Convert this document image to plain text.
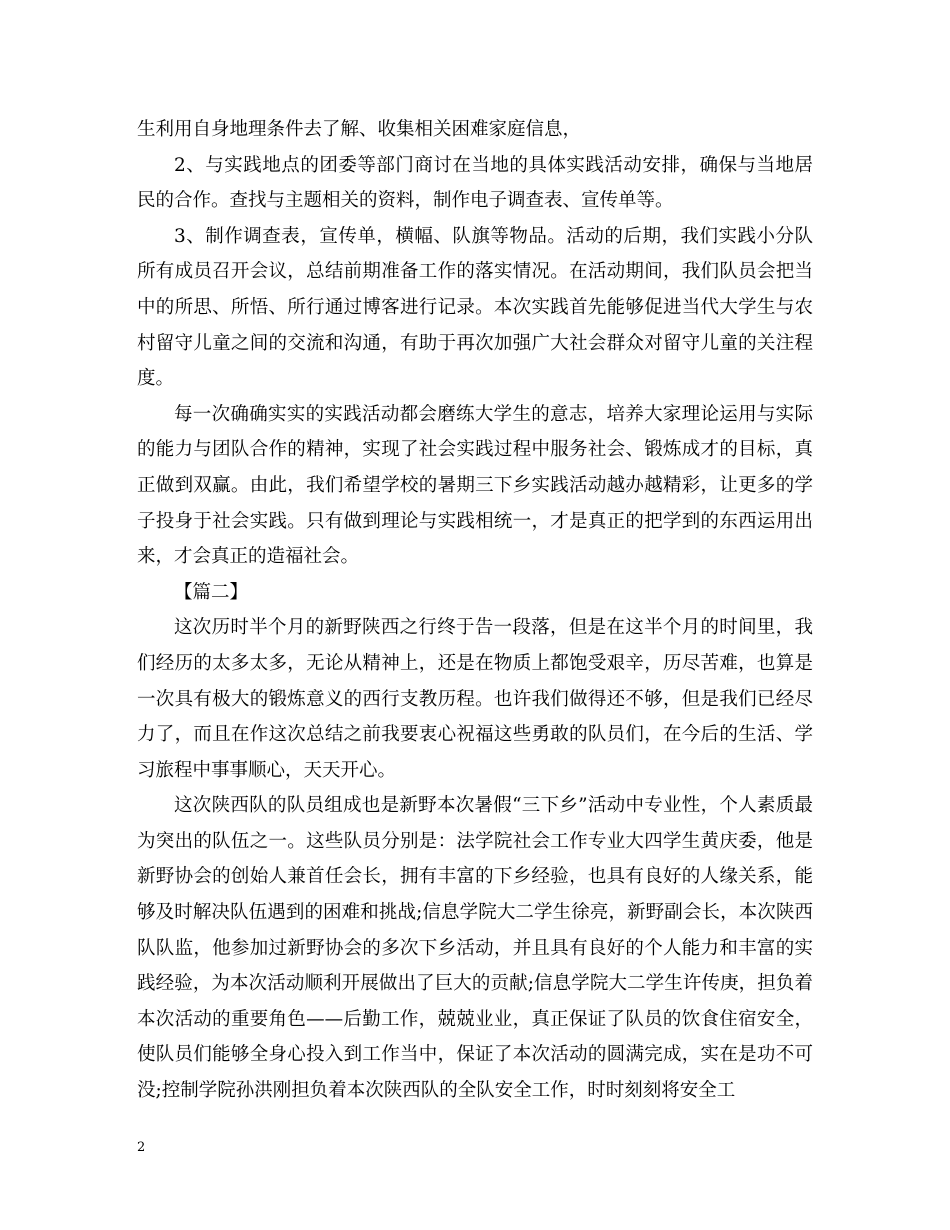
生利用自身地理条件去了解、收集相关困难家庭信息，

2、与实践地点的团委等部门商讨在当地的具体实践活动安排，确保与当地居民的合作。查找与主题相关的资料，制作电子调查表、宣传单等。

3、制作调查表，宣传单，横幅、队旗等物品。活动的后期，我们实践小分队所有成员召开会议，总结前期准备工作的落实情况。在活动期间，我们队员会把当中的所思、所悟、所行通过博客进行记录。本次实践首先能够促进当代大学生与农村留守儿童之间的交流和沟通，有助于再次加强广大社会群众对留守儿童的关注程度。

每一次确确实实的实践活动都会磨练大学生的意志，培养大家理论运用与实际的能力与团队合作的精神，实现了社会实践过程中服务社会、锻炼成才的目标，真正做到双赢。由此，我们希望学校的暑期三下乡实践活动越办越精彩，让更多的学子投身于社会实践。只有做到理论与实践相统一，才是真正的把学到的东西运用出来，才会真正的造福社会。

【篇二】

这次历时半个月的新野陕西之行终于告一段落，但是在这半个月的时间里，我们经历的太多太多，无论从精神上，还是在物质上都饱受艰辛，历尽苦难，也算是一次具有极大的锻炼意义的西行支教历程。也许我们做得还不够，但是我们已经尽力了，而且在作这次总结之前我要衷心祝福这些勇敢的队员们，在今后的生活、学习旅程中事事顺心，天天开心。

这次陕西队的队员组成也是新野本次暑假“三下乡”活动中专业性，个人素质最为突出的队伍之一。这些队员分别是：法学院社会工作专业大四学生黄庆委，他是新野协会的创始人兼首任会长，拥有丰富的下乡经验，也具有良好的人缘关系，能够及时解决队伍遇到的困难和挑战;信息学院大二学生徐亮，新野副会长，本次陕西队队监，他参加过新野协会的多次下乡活动，并且具有良好的个人能力和丰富的实践经验，为本次活动顺利开展做出了巨大的贡献;信息学院大二学生许传庚，担负着本次活动的重要角色——后勤工作，兢兢业业，真正保证了队员的饮食住宿安全，使队员们能够全身心投入到工作当中，保证了本次活动的圆满完成，实在是功不可没;控制学院孙洪刚担负着本次陕西队的全队安全工作，时时刻刻将安全工

2
